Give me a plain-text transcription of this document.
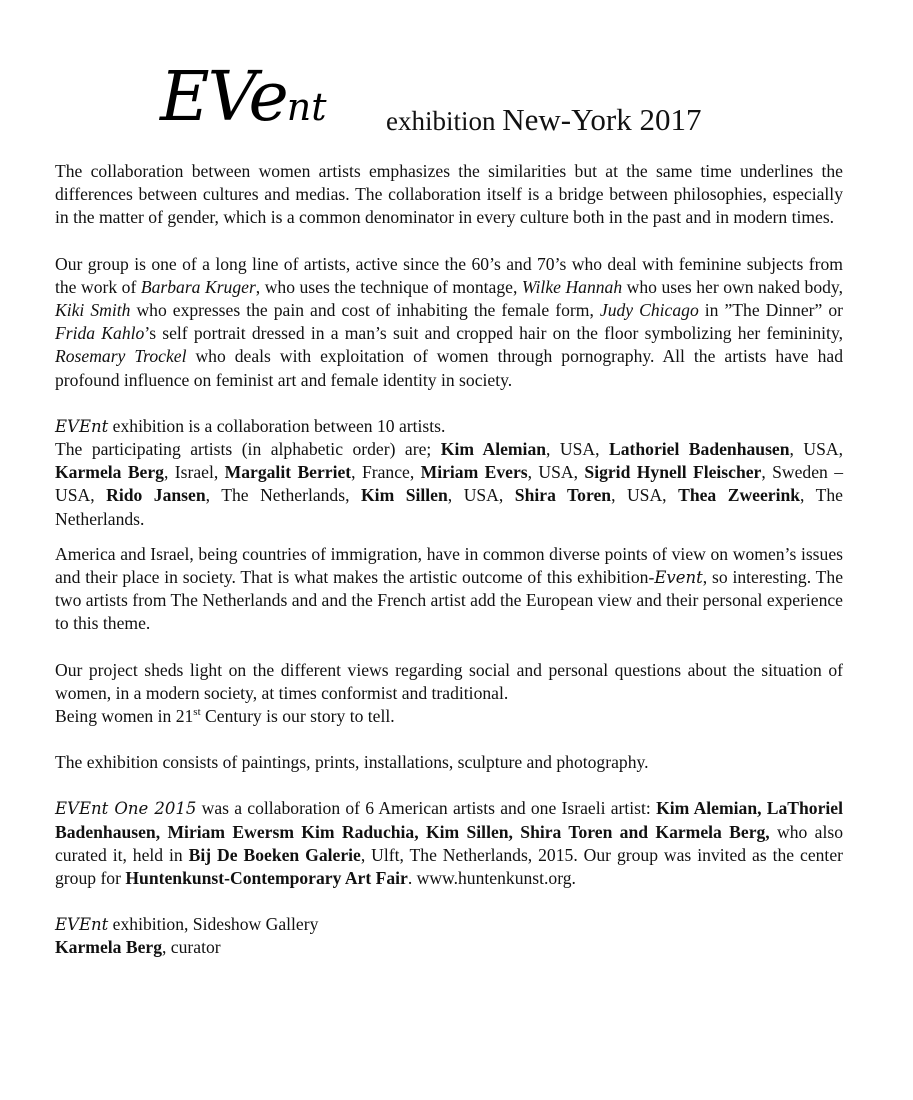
EVent exhibition New-York 2017

The collaboration between women artists emphasizes the similarities but at the same time underlines the differences between cultures and medias. The collaboration itself is a bridge between philosophies, especially in the matter of gender, which is a common denominator in every culture both in the past and in modern times.

Our group is one of a long line of artists, active since the 60’s and 70’s who deal with feminine subjects from the work of Barbara Kruger, who uses the technique of montage, Wilke Hannah who uses her own naked body, Kiki Smith who expresses the pain and cost of inhabiting the female form, Judy Chicago in ”The Dinner” or Frida Kahlo’s self portrait dressed in a man’s suit and cropped hair on the floor symbolizing her femininity, Rosemary Trockel who deals with exploitation of women through pornography. All the artists have had profound influence on feminist art and female identity in society.

EVEnt exhibition is a collaboration between 10 artists.

The participating artists (in alphabetic order) are; Kim Alemian, USA, Lathoriel Badenhausen, USA, Karmela Berg, Israel, Margalit Berriet, France, Miriam Evers, USA, Sigrid Hynell Fleischer, Sweden – USA, Rido Jansen, The Netherlands, Kim Sillen, USA, Shira Toren, USA, Thea Zweerink, The Netherlands.

America and Israel, being countries of immigration, have in common diverse points of view on women’s issues and their place in society. That is what makes the artistic outcome of this exhibition-Event, so interesting. The two artists from The Netherlands and and the French artist add the European view and their personal experience to this theme.

Our project sheds light on the different views regarding social and personal questions about the situation of women, in a modern society, at times conformist and traditional.

Being women in 21st Century is our story to tell.

The exhibition consists of paintings, prints, installations, sculpture and photography.

EVEnt One 2015 was a collaboration of 6 American artists and one Israeli artist: Kim Alemian, LaThoriel Badenhausen, Miriam Ewersm Kim Raduchia, Kim Sillen, Shira Toren and Karmela Berg, who also curated it, held in Bij De Boeken Galerie, Ulft, The Netherlands, 2015. Our group was invited as the center group for Huntenkunst-Contemporary Art Fair. www.huntenkunst.org.

EVEnt exhibition, Sideshow Gallery

Karmela Berg, curator
